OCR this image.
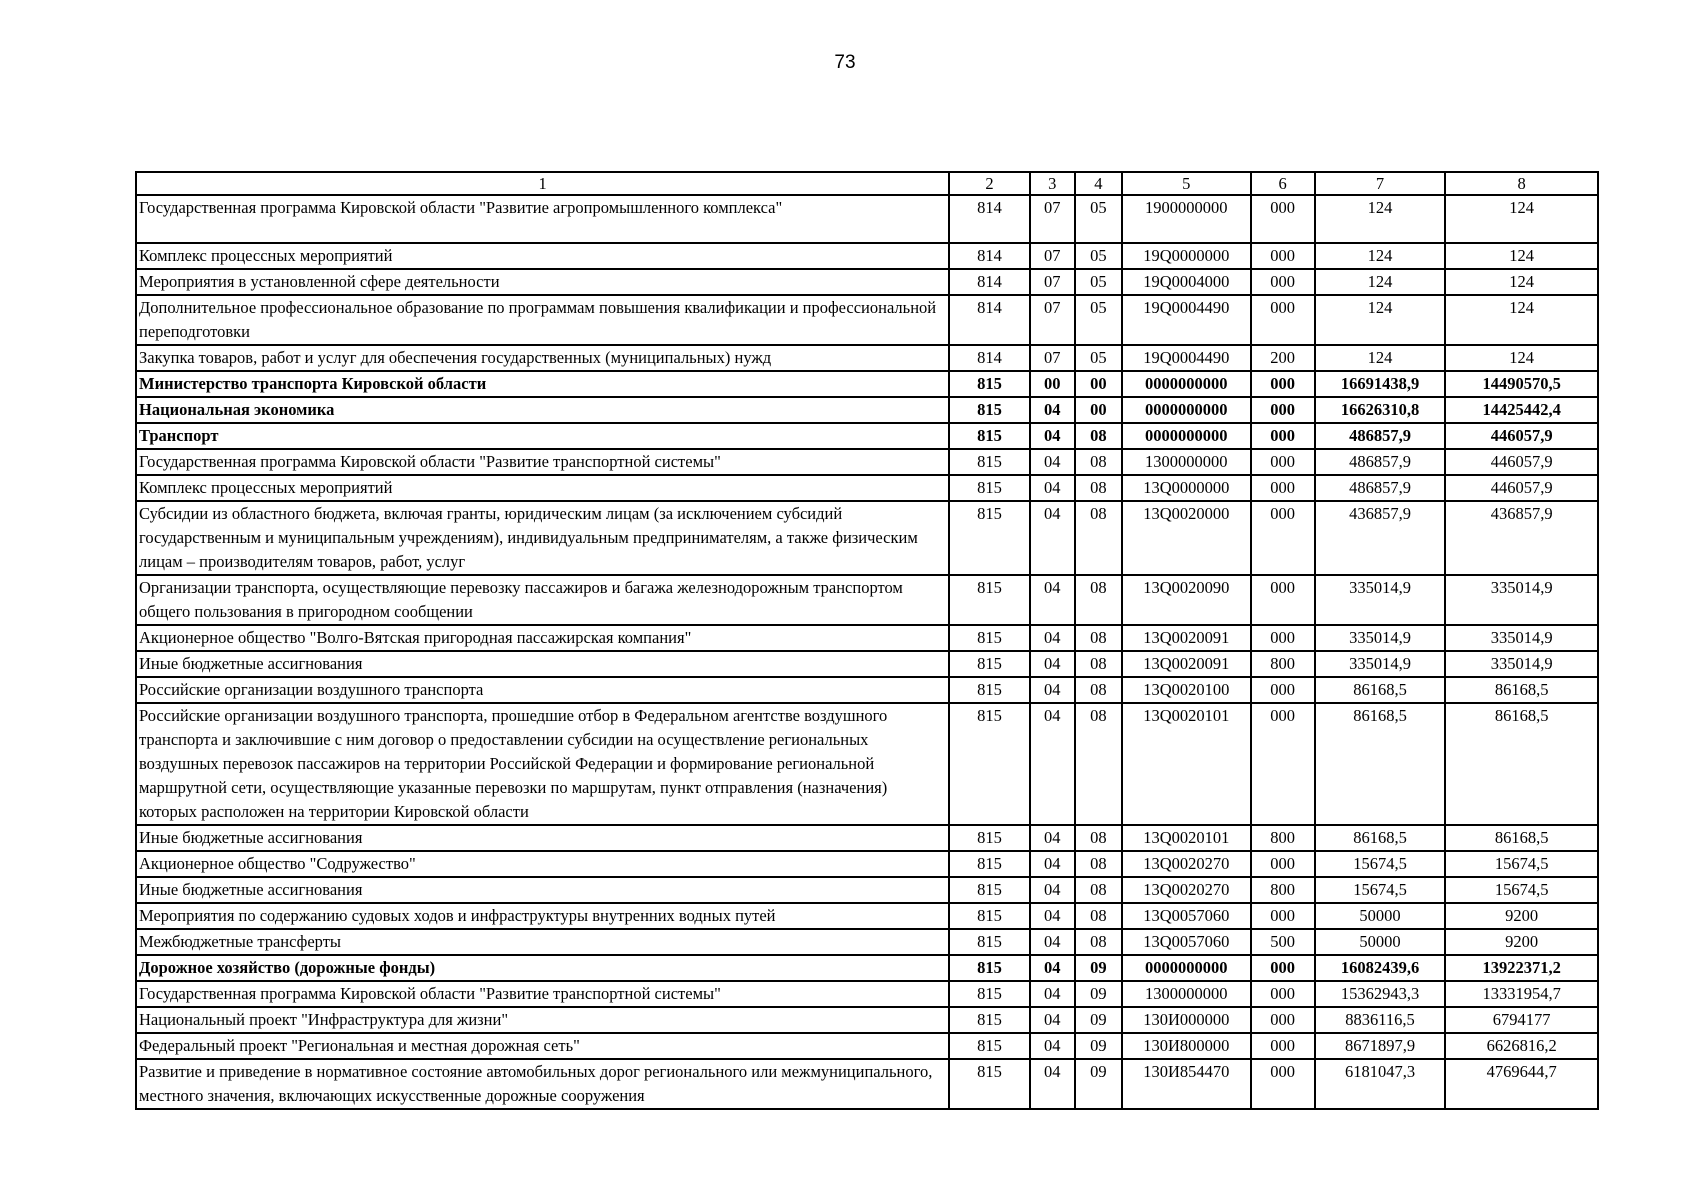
73
1	2	3	4	5	6	7	8
Государственная программа Кировской области "Развитие агропромышленного комплекса"	814	07	05	1900000000	000	124	124
Комплекс процессных мероприятий	814	07	05	19Q0000000	000	124	124
Мероприятия в установленной сфере деятельности	814	07	05	19Q0004000	000	124	124
Дополнительное профессиональное образование по программам повышения квалификации и профессиональной переподготовки	814	07	05	19Q0004490	000	124	124
Закупка товаров, работ и услуг для обеспечения государственных (муниципальных) нужд	814	07	05	19Q0004490	200	124	124
Министерство транспорта Кировской области	815	00	00	0000000000	000	16691438,9	14490570,5
Национальная экономика	815	04	00	0000000000	000	16626310,8	14425442,4
Транспорт	815	04	08	0000000000	000	486857,9	446057,9
Государственная программа Кировской области "Развитие транспортной системы"	815	04	08	1300000000	000	486857,9	446057,9
Комплекс процессных мероприятий	815	04	08	13Q0000000	000	486857,9	446057,9
Субсидии из областного бюджета, включая гранты, юридическим лицам (за исключением субсидий государственным и муниципальным учреждениям), индивидуальным предпринимателям, а также физическим лицам – производителям товаров, работ, услуг	815	04	08	13Q0020000	000	436857,9	436857,9
Организации транспорта, осуществляющие перевозку пассажиров и багажа железнодорожным транспортом общего пользования в пригородном сообщении	815	04	08	13Q0020090	000	335014,9	335014,9
Акционерное общество "Волго-Вятская пригородная пассажирская компания"	815	04	08	13Q0020091	000	335014,9	335014,9
Иные бюджетные ассигнования	815	04	08	13Q0020091	800	335014,9	335014,9
Российские организации воздушного транспорта	815	04	08	13Q0020100	000	86168,5	86168,5
Российские организации воздушного транспорта, прошедшие отбор в Федеральном агентстве воздушного транспорта и заключившие с ним договор о предоставлении субсидии на осуществление региональных воздушных перевозок пассажиров на территории Российской Федерации и формирование региональной маршрутной сети, осуществляющие указанные перевозки по маршрутам, пункт отправления (назначения) которых расположен на территории Кировской области	815	04	08	13Q0020101	000	86168,5	86168,5
Иные бюджетные ассигнования	815	04	08	13Q0020101	800	86168,5	86168,5
Акционерное общество "Содружество"	815	04	08	13Q0020270	000	15674,5	15674,5
Иные бюджетные ассигнования	815	04	08	13Q0020270	800	15674,5	15674,5
Мероприятия по содержанию судовых ходов и инфраструктуры внутренних водных путей	815	04	08	13Q0057060	000	50000	9200
Межбюджетные трансферты	815	04	08	13Q0057060	500	50000	9200
Дорожное хозяйство (дорожные фонды)	815	04	09	0000000000	000	16082439,6	13922371,2
Государственная программа Кировской области "Развитие транспортной системы"	815	04	09	1300000000	000	15362943,3	13331954,7
Национальный проект "Инфраструктура для жизни"	815	04	09	130И000000	000	8836116,5	6794177
Федеральный проект "Региональная и местная дорожная сеть"	815	04	09	130И800000	000	8671897,9	6626816,2
Развитие и приведение в нормативное состояние автомобильных дорог регионального или межмуниципального, местного значения, включающих искусственные дорожные сооружения	815	04	09	130И854470	000	6181047,3	4769644,7
